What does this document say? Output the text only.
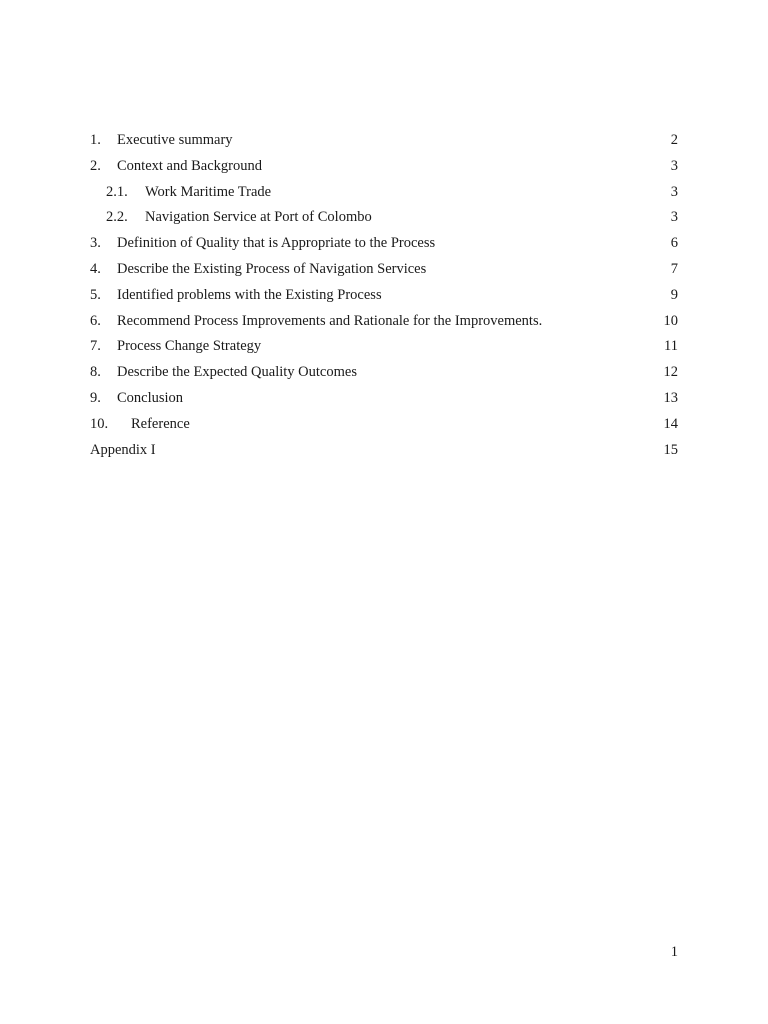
1. Executive summary	2
2. Context and Background	3
2.1. Work Maritime Trade	3
2.2. Navigation Service at Port of Colombo	3
3. Definition of Quality that is Appropriate to the Process	6
4. Describe the Existing Process of Navigation Services	7
5. Identified problems with the Existing Process	9
6. Recommend Process Improvements and Rationale for the Improvements.	10
7. Process Change Strategy	11
8. Describe the Expected Quality Outcomes	12
9. Conclusion	13
10. Reference	14
Appendix I	15
1
